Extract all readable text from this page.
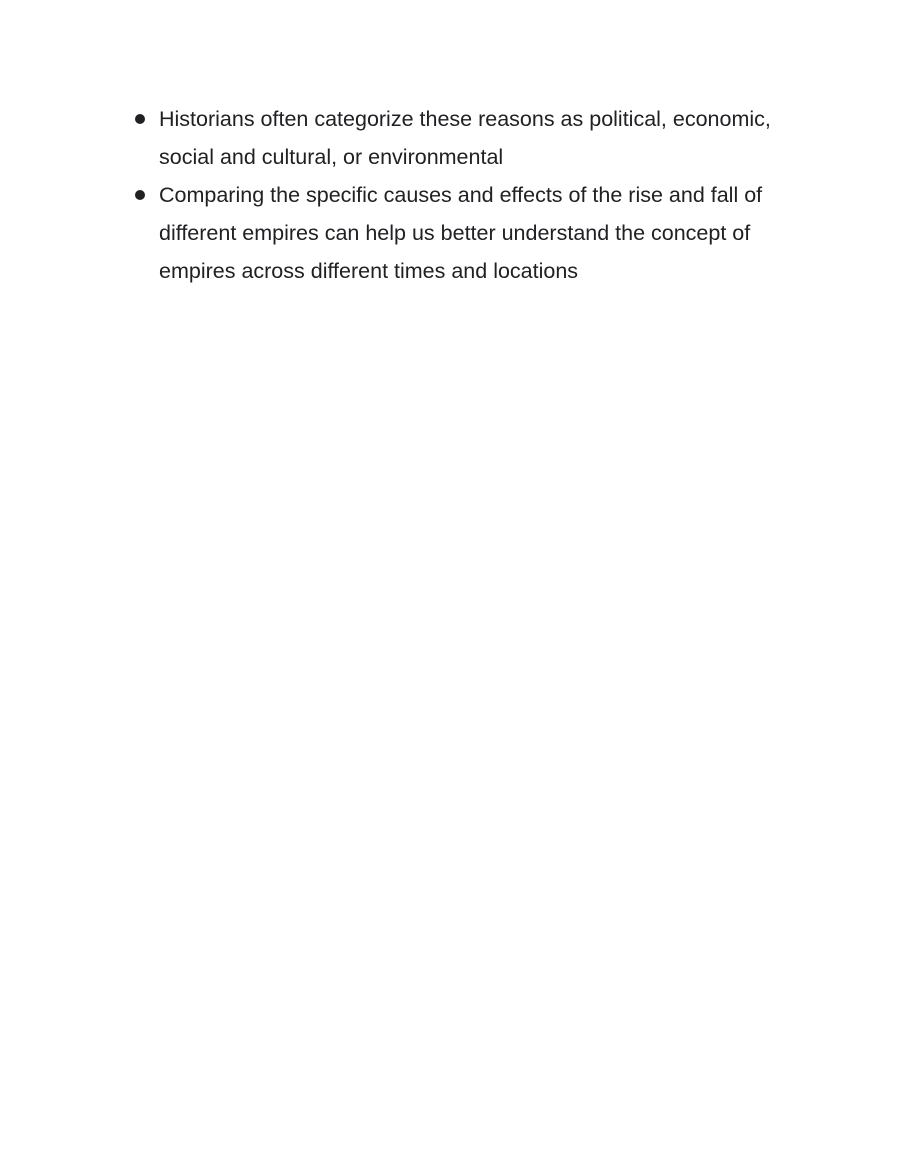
Historians often categorize these reasons as political, economic, social and cultural, or environmental
Comparing the specific causes and effects of the rise and fall of different empires can help us better understand the concept of empires across different times and locations
